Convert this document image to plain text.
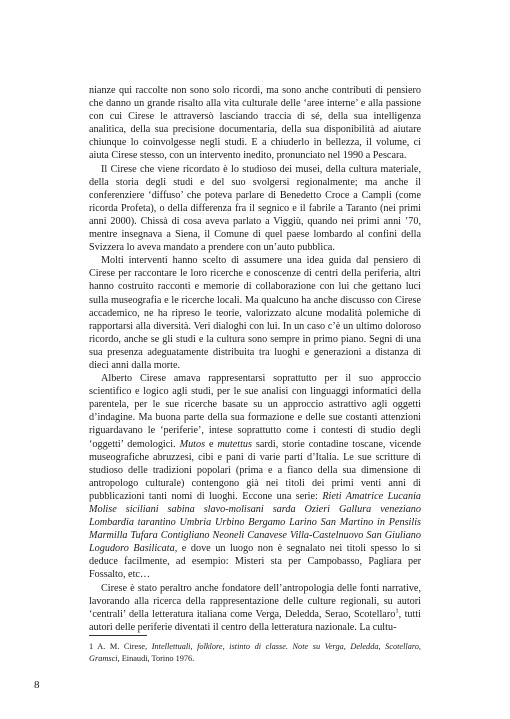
nianze qui raccolte non sono solo ricordi, ma sono anche contributi di pensiero che danno un grande risalto alla vita culturale delle ‘aree interne’ e alla passione con cui Cirese le attraversò lasciando traccia di sé, della sua intelligenza analitica, della sua precisione documentaria, della sua disponibilità ad aiutare chiunque lo coinvolgesse negli studi. E a chiuderlo in bellezza, il volume, ci aiuta Cirese stesso, con un intervento inedito, pronunciato nel 1990 a Pescara.

Il Cirese che viene ricordato è lo studioso dei musei, della cultura materiale, della storia degli studi e del suo svolgersi regionalmente; ma anche il conferenziere ‘diffuso’ che poteva parlare di Benedetto Croce a Campli (come ricorda Profeta), o della differenza fra il segnico e il fabrile a Taranto (nei primi anni 2000). Chissà di cosa aveva parlato a Viggiù, quando nei primi anni ’70, mentre insegnava a Siena, il Comune di quel paese lombardo al confini della Svizzera lo aveva mandato a prendere con un’auto pubblica.

Molti interventi hanno scelto di assumere una idea guida dal pensiero di Cirese per raccontare le loro ricerche e conoscenze di centri della periferia, altri hanno costruito racconti e memorie di collaborazione con lui che gettano luci sulla museografia e le ricerche locali. Ma qualcuno ha anche discusso con Cirese accademico, ne ha ripreso le teorie, valorizzato alcune modalità polemiche di rapportarsi alla diversità. Veri dialoghi con lui. In un caso c’è un ultimo doloroso ricordo, anche se gli studi e la cultura sono sempre in primo piano. Segni di una sua presenza adeguatamente distribuita tra luoghi e generazioni a distanza di dieci anni dalla morte.

Alberto Cirese amava rappresentarsi soprattutto per il suo approccio scientifico e logico agli studi, per le sue analisi con linguaggi informatici della parentela, per le sue ricerche basate su un approccio astrattivo agli oggetti d’indagine. Ma buona parte della sua formazione e delle sue costanti attenzioni riguardavano le ‘periferie’, intese soprattutto come i contesti di studio degli ‘oggetti’ demologici. Mutos e mutettus sardi, storie contadine toscane, vicende museografiche abruzzesi, cibi e pani di varie parti d’Italia. Le sue scritture di studioso delle tradizioni popolari (prima e a fianco della sua dimensione di antropologo culturale) contengono già nei titoli dei primi venti anni di pubblicazioni tanti nomi di luoghi. Eccone una serie: Rieti Amatrice Lucania Molise siciliani sabina slavo-molisani sarda Ozieri Gallura veneziano Lombardia tarantino Umbria Urbino Bergamo Larino San Martino in Pensilis Marmilla Tufara Contigliano Neoneli Canavese Villa-Castelnuovo San Giuliano Logudoro Basilicata, e dove un luogo non è segnalato nei titoli spesso lo si deduce facilmente, ad esempio: Misteri sta per Campobasso, Pagliara per Fossalto, etc…

Cirese è stato peraltro anche fondatore dell’antropologia delle fonti narrative, lavorando alla ricerca della rappresentazione delle culture regionali, su autori ‘centrali’ della letteratura italiana come Verga, Deledda, Serao, Scotellaro$^1$, tutti autori delle periferie diventati il centro della letteratura nazionale. La cultu-

1 A. M. Cirese, Intellettuali, folklore, istinto di classe. Note su Verga, Deledda, Scotellaro, Gramsci, Einaudi, Torino 1976.
8
